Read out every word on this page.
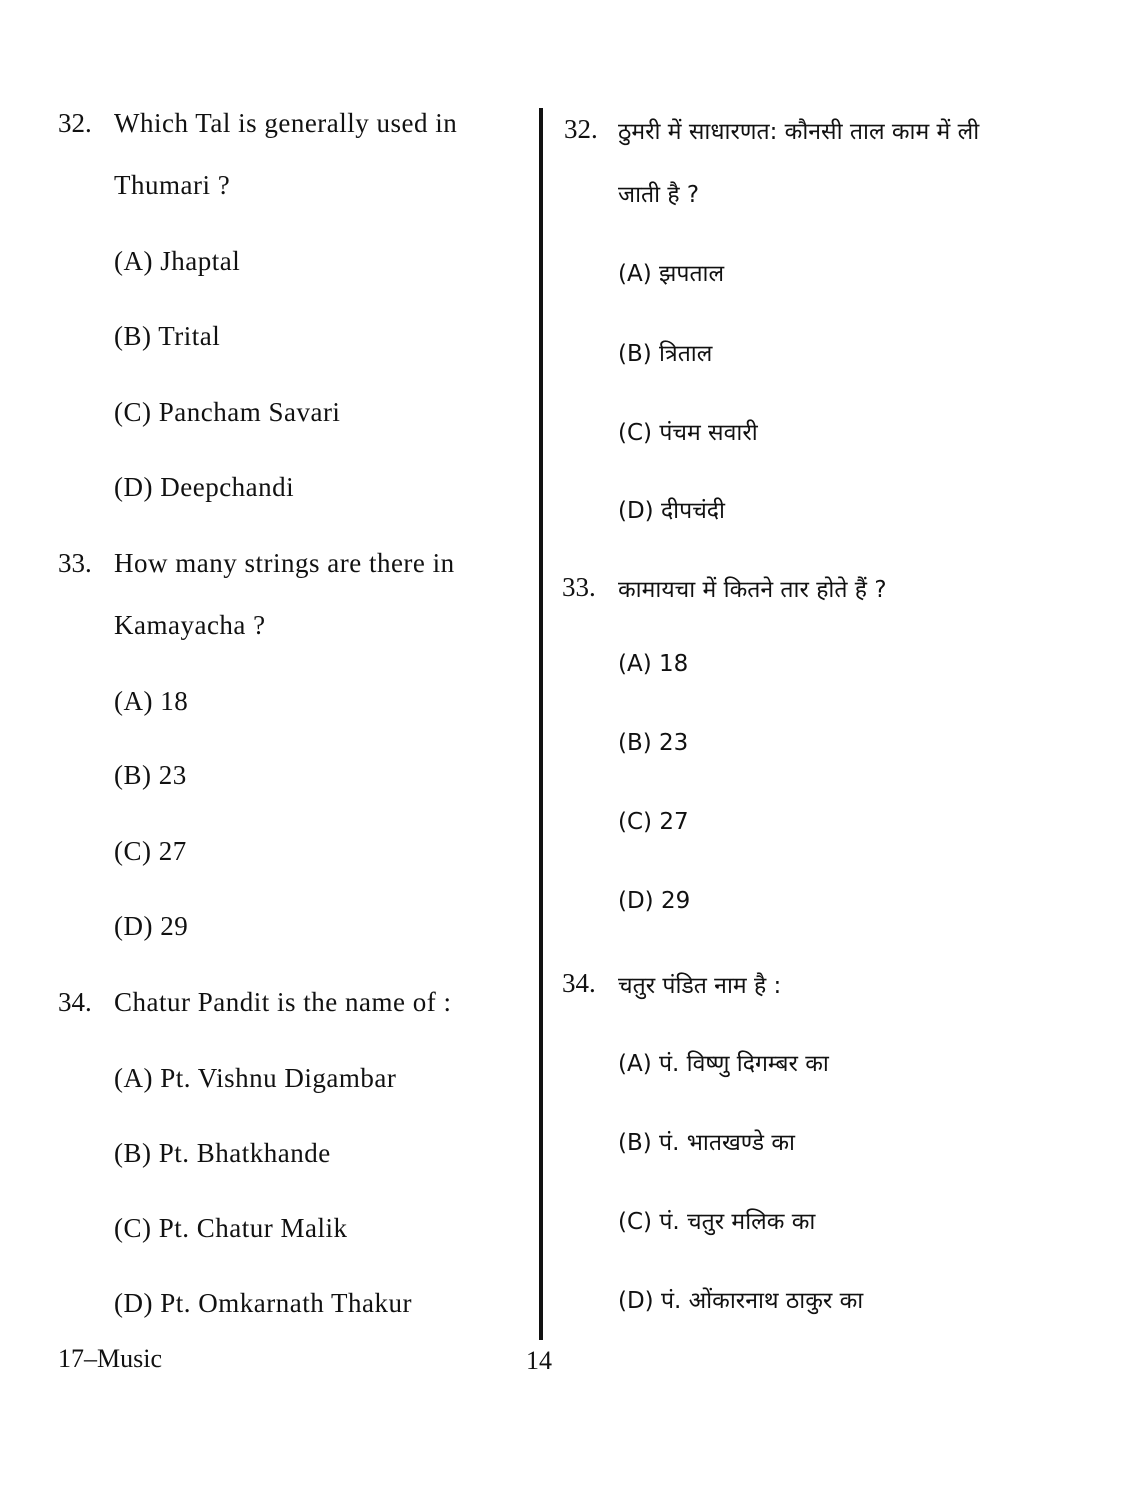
32. Which Tal is generally used in
Thumari ?
(A) Jhaptal
(B) Trital
(C) Pancham Savari
(D) Deepchandi
33. How many strings are there in
Kamayacha ?
(A) 18
(B) 23
(C) 27
(D) 29
34. Chatur Pandit is the name of :
(A) Pt. Vishnu Digambar
(B) Pt. Bhatkhande
(C) Pt. Chatur Malik
(D) Pt. Omkarnath Thakur
32. ठुमरी में साधारणत: कौनसी ताल काम में ली
जाती है ?
(A) झपताल
(B) त्रिताल
(C) पंचम सवारी
(D) दीपचंदी
33. कामायचा में कितने तार होते हैं ?
(A) 18
(B) 23
(C) 27
(D) 29
34. चतुर पंडित नाम है :
(A) पं. विष्णु दिगम्बर का
(B) पं. भातखण्डे का
(C) पं. चतुर मलिक का
(D) पं. ओंकारनाथ ठाकुर का
17–Music	14
